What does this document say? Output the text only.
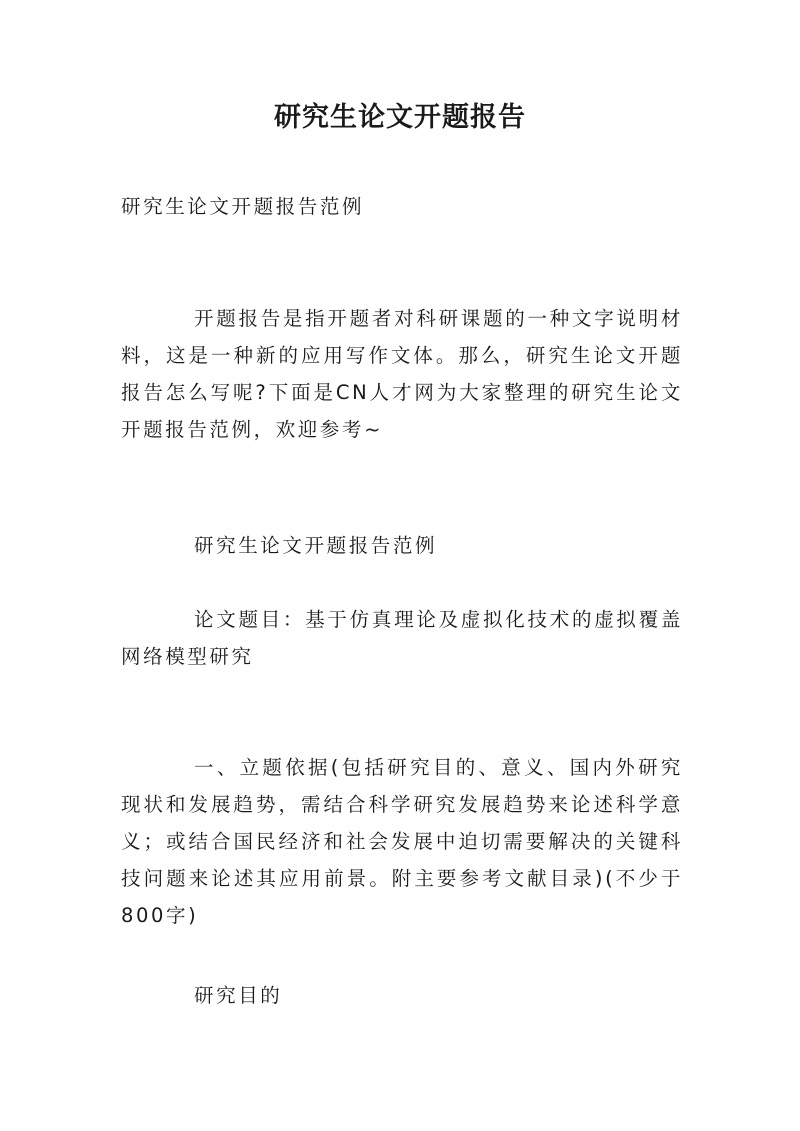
研究生论文开题报告

研究生论文开题报告范例

开题报告是指开题者对科研课题的一种文字说明材料，这是一种新的应用写作文体。那么，研究生论文开题报告怎么写呢?下面是CN人才网为大家整理的研究生论文开题报告范例，欢迎参考~

研究生论文开题报告范例

论文题目：基于仿真理论及虚拟化技术的虚拟覆盖网络模型研究

一、立题依据(包括研究目的、意义、国内外研究现状和发展趋势，需结合科学研究发展趋势来论述科学意义；或结合国民经济和社会发展中迫切需要解决的关键科技问题来论述其应用前景。附主要参考文献目录)(不少于800字)

研究目的
